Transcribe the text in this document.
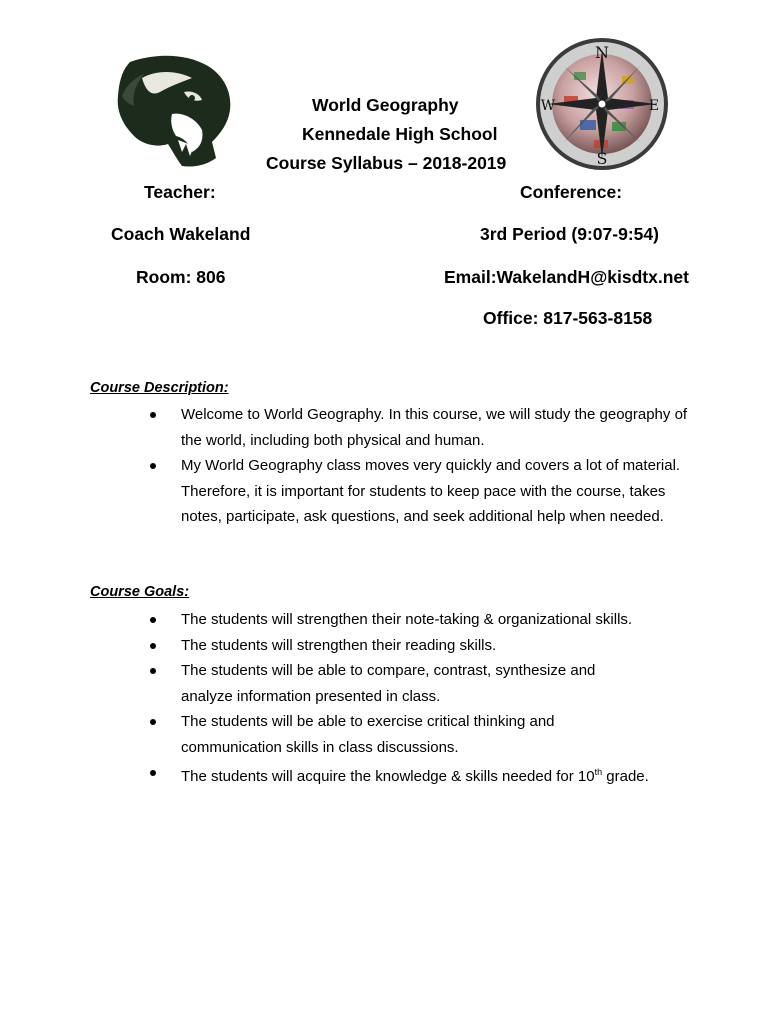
N
S
W	E
World Geography
Kennedale High School
Course Syllabus – 2018-2019
Teacher:
Coach Wakeland
Room: 806
Conference:
3rd Period (9:07-9:54)
Email:WakelandH@kisdtx.net
Office: 817-563-8158
Course Description:
Welcome to World Geography. In this course, we will study the geography of the world, including both physical and human.
My World Geography class moves very quickly and covers a lot of material. Therefore, it is important for students to keep pace with the course, takes notes, participate, ask questions, and seek additional help when needed.
Course Goals:
The students will strengthen their note-taking & organizational skills.
The students will strengthen their reading skills.
The students will be able to compare, contrast, synthesize and analyze information presented in class.
The students will be able to exercise critical thinking and communication skills in class discussions.
The students will acquire the knowledge & skills needed for 10th grade.
